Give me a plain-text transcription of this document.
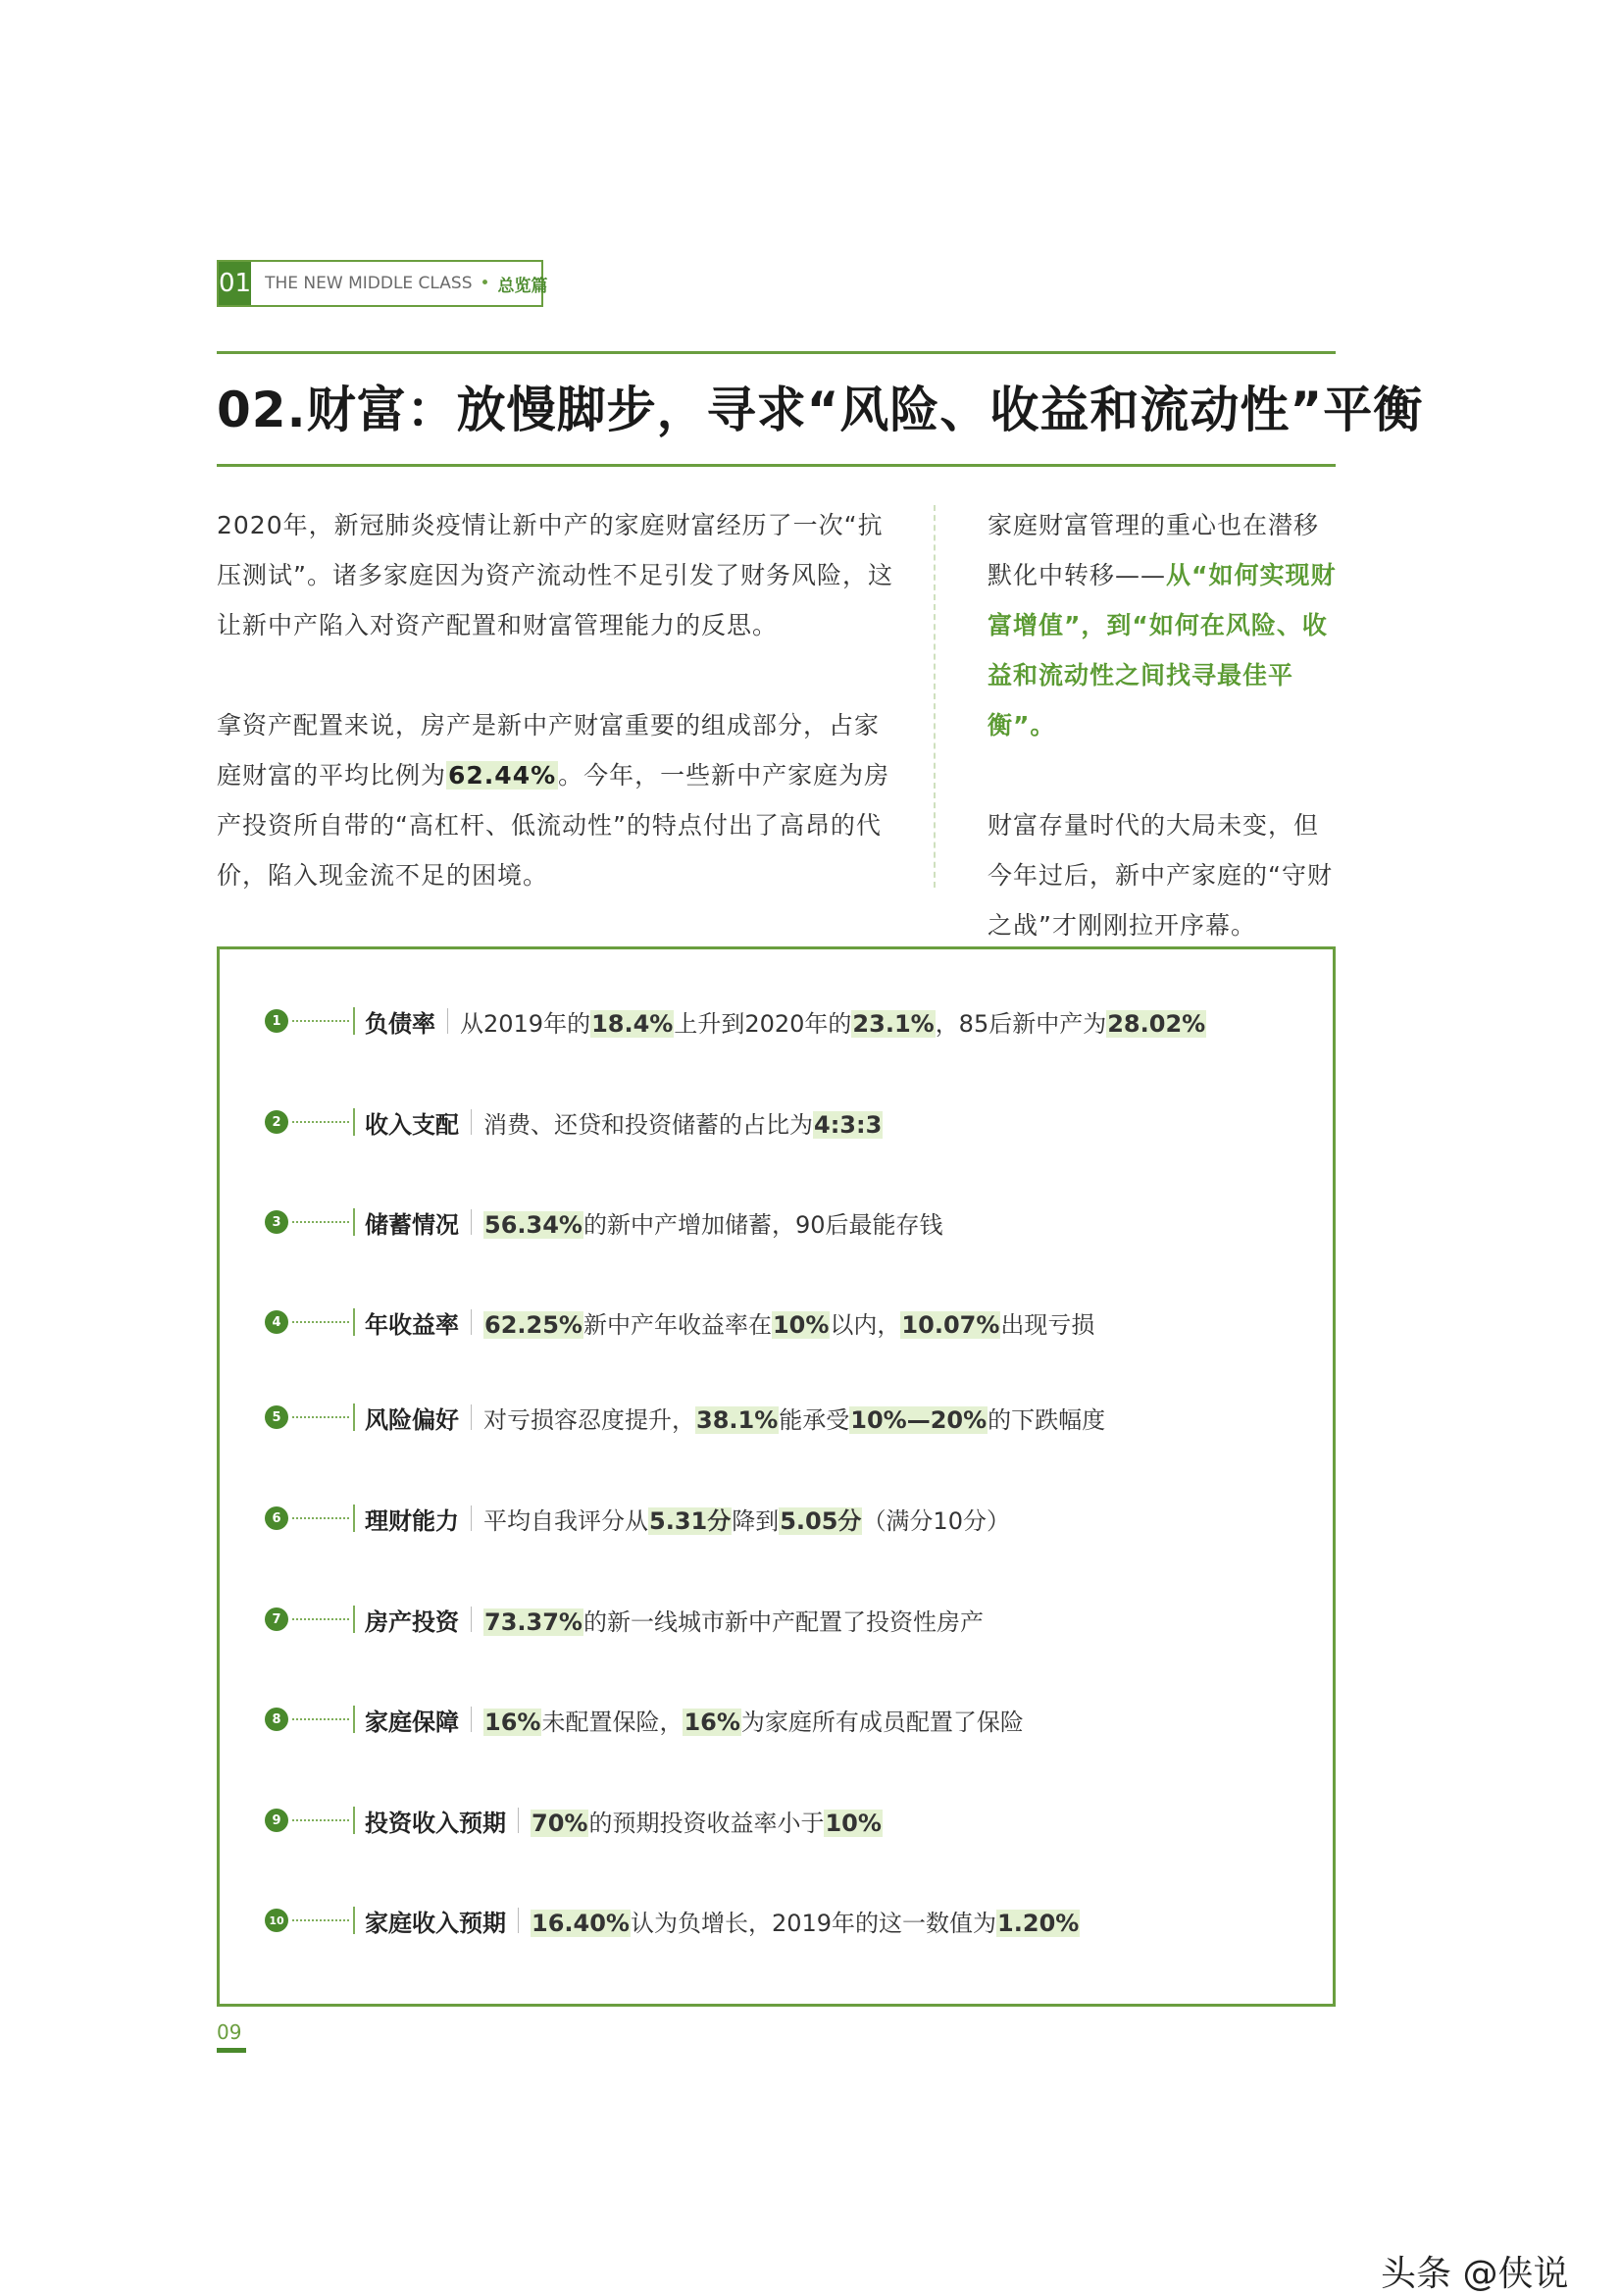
01 THE NEW MIDDLE CLASS • 总览篇
02.财富：放慢脚步，寻求“风险、收益和流动性”平衡

2020年，新冠肺炎疫情让新中产的家庭财富经历了一次“抗压测试”。诸多家庭因为资产流动性不足引发了财务风险，这让新中产陷入对资产配置和财富管理能力的反思。

拿资产配置来说，房产是新中产财富重要的组成部分，占家庭财富的平均比例为62.44%。今年，一些新中产家庭为房产投资所自带的“高杠杆、低流动性”的特点付出了高昂的代价，陷入现金流不足的困境。

家庭财富管理的重心也在潜移默化中转移——从“如何实现财富增值”，到“如何在风险、收益和流动性之间找寻最佳平衡”。

财富存量时代的大局未变，但今年过后，新中产家庭的“守财之战”才刚刚拉开序幕。

1	负债率 从2019年的18.4%上升到2020年的23.1%，85后新中产为28.02%
2	收入支配 消费、还贷和投资储蓄的占比为4:3:3
3	储蓄情况 56.34%的新中产增加储蓄，90后最能存钱
4	年收益率 62.25%新中产年收益率在10%以内，10.07%出现亏损
5	风险偏好 对亏损容忍度提升，38.1%能承受10%—20%的下跌幅度
6	理财能力 平均自我评分从5.31分降到5.05分（满分10分）
7	房产投资 73.37%的新一线城市新中产配置了投资性房产
8	家庭保障 16%未配置保险，16%为家庭所有成员配置了保险
9	投资收入预期 70%的预期投资收益率小于10%
10	家庭收入预期 16.40%认为负增长，2019年的这一数值为1.20%
09
头条 @侠说
